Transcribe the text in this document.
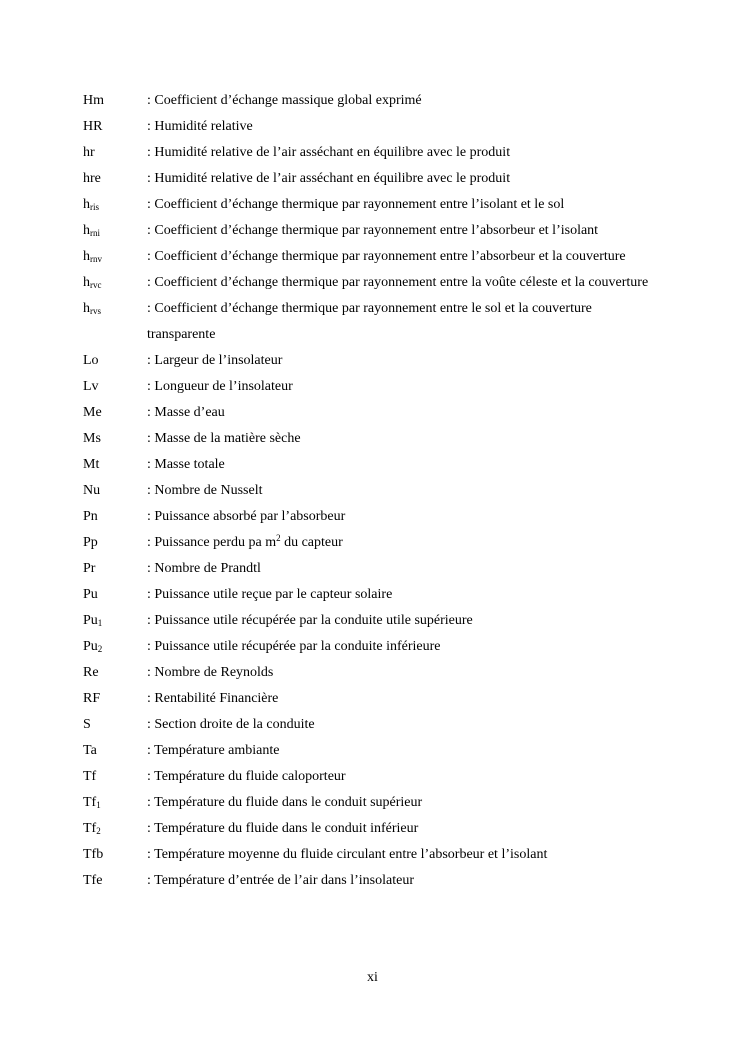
Hm	: Coefficient d’échange massique global exprimé
HR	: Humidité relative
hr	: Humidité relative de l’air asséchant en équilibre avec le produit
hre	: Humidité relative de l’air asséchant en équilibre avec le produit
$h_{ris}$	: Coefficient d’échange thermique par rayonnement entre l’isolant et le sol
$h_{rni}$	: Coefficient d’échange thermique par rayonnement entre l’absorbeur et l’isolant
$h_{rnv}$	: Coefficient d’échange thermique par rayonnement entre l’absorbeur et la couverture
$h_{rvc}$	: Coefficient d’échange thermique par rayonnement entre la voûte céleste et la couverture
$h_{rvs}$	: Coefficient d’échange thermique par rayonnement entre le sol et la couverture transparente
Lo	: Largeur de l’insolateur
Lv	: Longueur de l’insolateur
Me	: Masse d’eau
Ms	: Masse de la matière sèche
Mt	: Masse totale
Nu	: Nombre de Nusselt
Pn	: Puissance absorbé par l’absorbeur
Pp	: Puissance perdu pa $m^2$ du capteur
Pr	: Nombre de Prandtl
Pu	: Puissance utile reçue par le capteur solaire
$Pu_1$	: Puissance utile récupérée par la conduite utile supérieure
$Pu_2$	: Puissance utile récupérée par la conduite inférieure
Re	: Nombre de Reynolds
RF	: Rentabilité Financière
S	: Section droite de la conduite
Ta	: Température ambiante
Tf	: Température du fluide caloporteur
$Tf_1$	: Température du fluide dans le conduit supérieur
$Tf_2$	: Température du fluide dans le conduit inférieur
Tfb	: Température moyenne du fluide circulant entre l’absorbeur et l’isolant
Tfe	: Température d’entrée de l’air dans l’insolateur
xi
